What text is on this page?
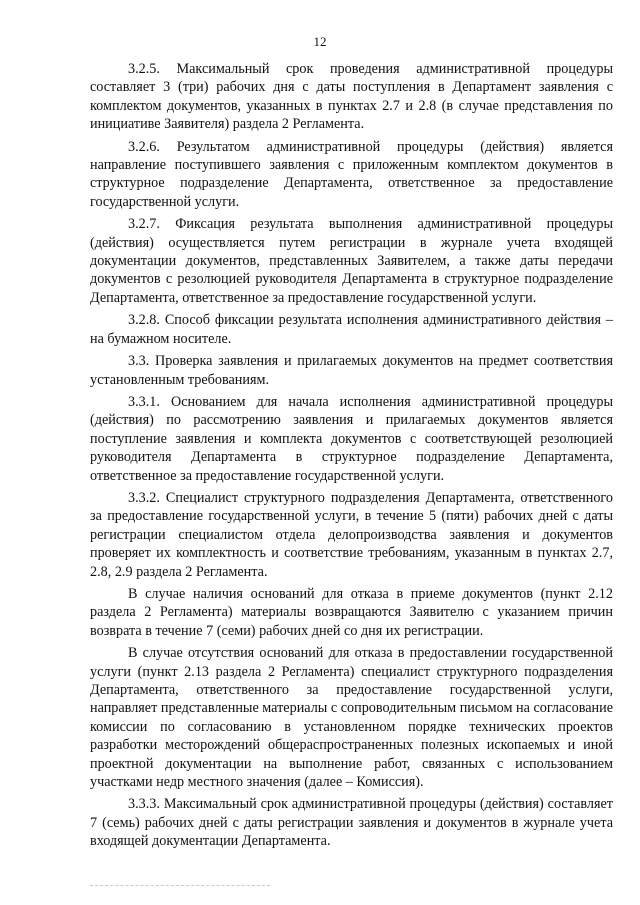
12

3.2.5. Максимальный срок проведения административной процедуры составляет 3 (три) рабочих дня с даты поступления в Департамент заявления с комплектом документов, указанных в пунктах 2.7 и 2.8 (в случае представления по инициативе Заявителя) раздела 2 Регламента.

3.2.6. Результатом административной процедуры (действия) является направление поступившего заявления с приложенным комплектом документов в структурное подразделение Департамента, ответственное за предоставление государственной услуги.

3.2.7. Фиксация результата выполнения административной процедуры (действия) осуществляется путем регистрации в журнале учета входящей документации документов, представленных Заявителем, а также даты передачи документов с резолюцией руководителя Департамента в структурное подразделение Департамента, ответственное за предоставление государственной услуги.

3.2.8. Способ фиксации результата исполнения административного действия – на бумажном носителе.

3.3. Проверка заявления и прилагаемых документов на предмет соответствия установленным требованиям.

3.3.1. Основанием для начала исполнения административной процедуры (действия) по рассмотрению заявления и прилагаемых документов является поступление заявления и комплекта документов с соответствующей резолюцией руководителя Департамента в структурное подразделение Департамента, ответственное за предоставление государственной услуги.

3.3.2. Специалист структурного подразделения Департамента, ответственного за предоставление государственной услуги, в течение 5 (пяти) рабочих дней с даты регистрации специалистом отдела делопроизводства заявления и документов проверяет их комплектность и соответствие требованиям, указанным в пунктах 2.7, 2.8, 2.9 раздела 2 Регламента.

В случае наличия оснований для отказа в приеме документов (пункт 2.12 раздела 2 Регламента) материалы возвращаются Заявителю с указанием причин возврата в течение 7 (семи) рабочих дней со дня их регистрации.

В случае отсутствия оснований для отказа в предоставлении государственной услуги (пункт 2.13 раздела 2 Регламента) специалист структурного подразделения Департамента, ответственного за предоставление государственной услуги, направляет представленные материалы с сопроводительным письмом на согласование комиссии по согласованию в установленном порядке технических проектов разработки месторождений общераспространенных полезных ископаемых и иной проектной документации на выполнение работ, связанных с использованием участками недр местного значения (далее – Комиссия).

3.3.3. Максимальный срок административной процедуры (действия) составляет 7 (семь) рабочих дней с даты регистрации заявления и документов в журнале учета входящей документации Департамента.
